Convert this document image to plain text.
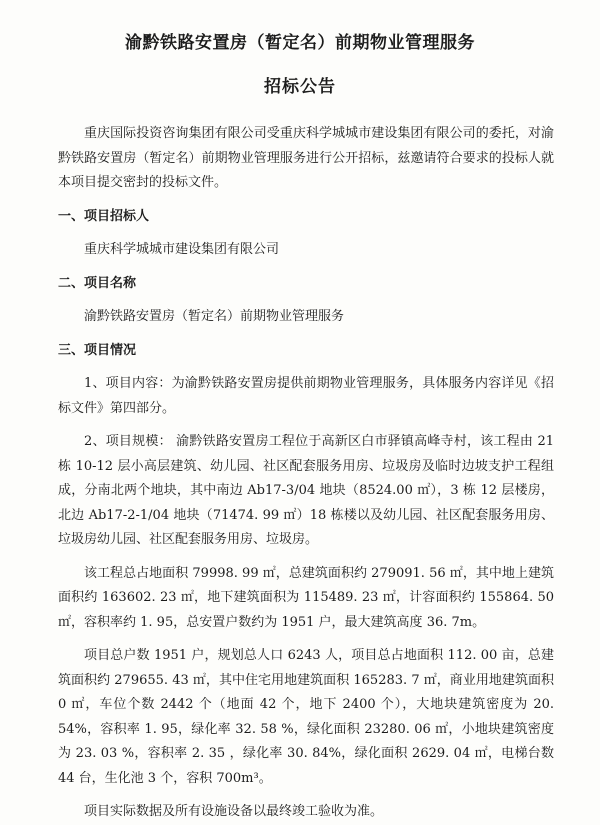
渝黔铁路安置房（暂定名）前期物业管理服务
招标公告

重庆国际投资咨询集团有限公司受重庆科学城城市建设集团有限公司的委托，对渝黔铁路安置房（暂定名）前期物业管理服务进行公开招标，兹邀请符合要求的投标人就本项目提交密封的投标文件。

一、项目招标人

重庆科学城城市建设集团有限公司

二、项目名称

渝黔铁路安置房（暂定名）前期物业管理服务

三、项目情况

1、项目内容：为渝黔铁路安置房提供前期物业管理服务，具体服务内容详见《招标文件》第四部分。

2、项目规模： 渝黔铁路安置房工程位于高新区白市驿镇高峰寺村，该工程由 21 栋 10-12 层小高层建筑、幼儿园、社区配套服务用房、垃圾房及临时边坡支护工程组成，分南北两个地块，其中南边 Ab17-3/04 地块（8524.00 ㎡），3 栋 12 层楼房，北边 Ab17-2-1/04 地块（71474. 99 ㎡）18 栋楼以及幼儿园、社区配套服务用房、垃圾房幼儿园、社区配套服务用房、垃圾房。

该工程总占地面积 79998. 99 ㎡，总建筑面积约 279091. 56 ㎡，其中地上建筑面积约 163602. 23 ㎡，地下建筑面积为 115489. 23 ㎡，计容面积约 155864. 50 ㎡，容积率约 1. 95，总安置户数约为 1951 户，最大建筑高度 36. 7m。

项目总户数 1951 户，规划总人口 6243 人，项目总占地面积 112. 00 亩，总建筑面积约 279655. 43 ㎡，其中住宅用地建筑面积 165283. 7 ㎡，商业用地建筑面积 0 ㎡，车位个数 2442 个（地面 42 个，地下 2400 个），大地块建筑密度为 20. 54%，容积率 1. 95，绿化率 32. 58 %，绿化面积 23280. 06 ㎡，小地块建筑密度为 23. 03 %，容积率 2. 35 ，绿化率 30. 84%，绿化面积 2629. 04 ㎡，电梯台数 44 台，生化池 3 个，容积 700m³。

项目实际数据及所有设施设备以最终竣工验收为准。
